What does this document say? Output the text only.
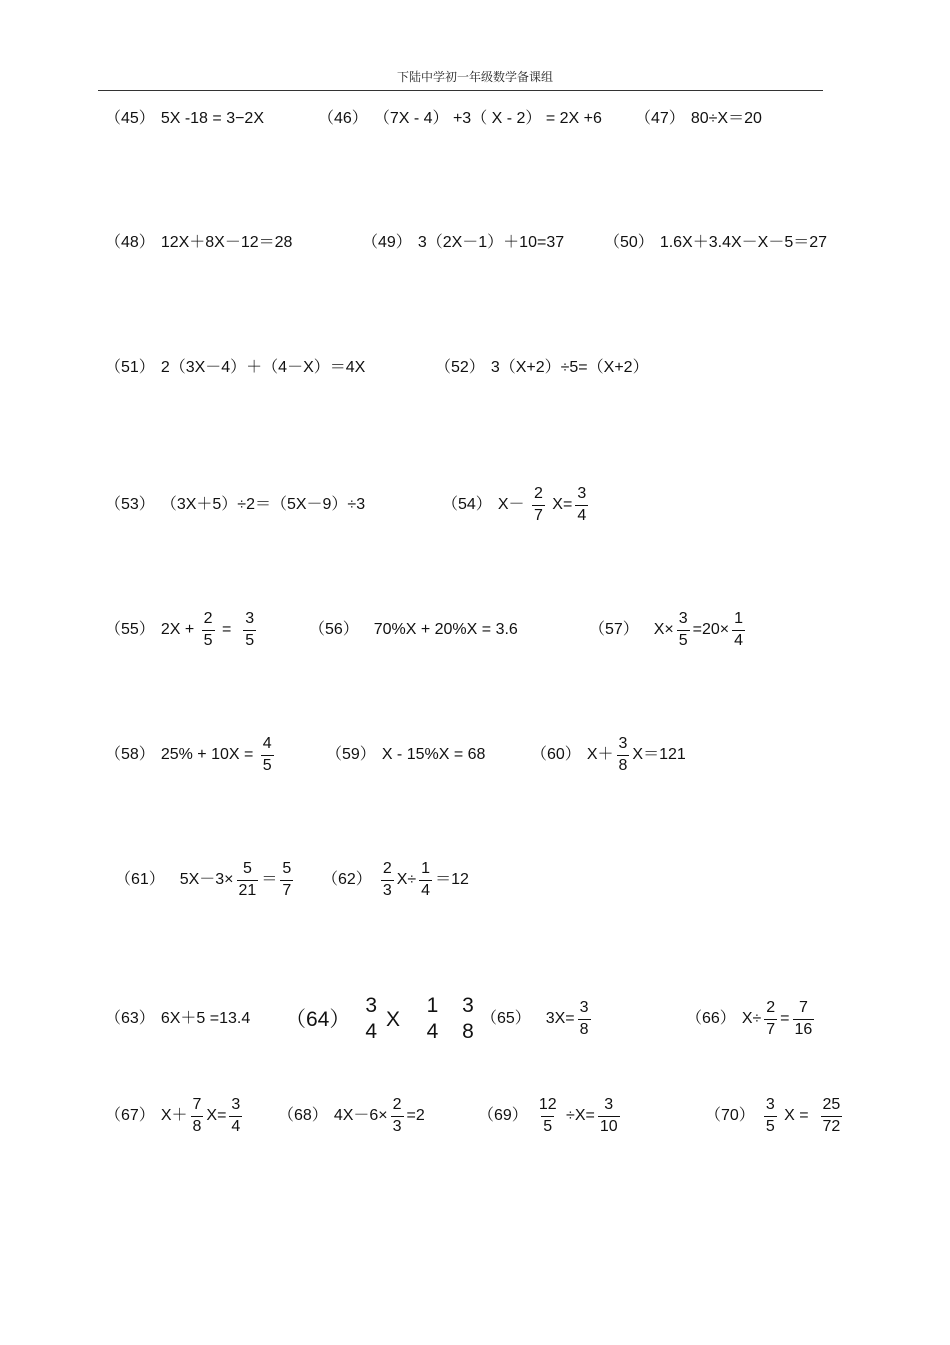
下陆中学初一年级数学备课组
（45） 5X -18 = 3−2X	（46） （7X - 4） +3（ X - 2） = 2X +6 （47） 80÷X＝20
（48） 12X＋8X－12＝28	（49） 3（2X－1）＋10=37 （50） 1.6X＋3.4X－X－5＝27
（51） 2（3X－4）＋（4－X）＝4X	（52） 3（X+2）÷5=（X+2）
（53） （3X＋5）÷2＝（5X－9）÷3	（54） $X- \frac{2}{7} X= \frac{3}{4}$
（55） $2X + \frac{2}{5} = \frac{3}{5}$	（56） 70%X + 20%X = 3.6	（57） $X\times \frac{3}{5} =20\times \frac{1}{4}$
（58） $25\% + 10X = \frac{4}{5}$	（59） X - 15%X = 68	（60） $X+ \frac{3}{8} X=121$
（61） $5X-3\times \frac{5}{21} = \frac{5}{7} (62) \frac{2}{3} X\div \frac{1}{4} =12$
（63） 6X＋5 =13.4 （64）
3
4
X
1
4

3
8
（65） $3X= \frac{3}{8}$	（66） $X\div \frac{2}{7} = \frac{7}{16}$
（67） $X+ \frac{7}{8} X= \frac{3}{4} (68)$ $4X-6\times \frac{2}{3} =2$	$(69) \frac{12}{5} \div X= \frac{3}{10}$	$(70) \frac{3}{5}$ $X = \frac{25}{72}$
